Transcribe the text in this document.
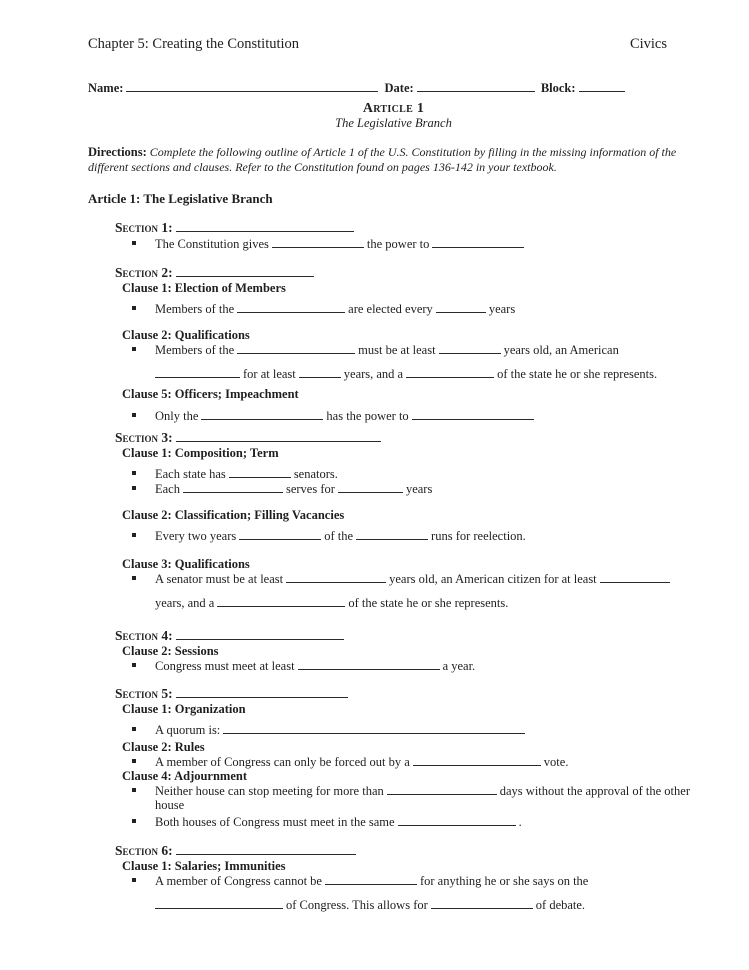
Chapter 5: Creating the Constitution	Civics
Name:	Date:	Block:
Article 1
The Legislative Branch
Directions: Complete the following outline of Article 1 of the U.S. Constitution by filling in the missing information of the different sections and clauses. Refer to the Constitution found on pages 136-142 in your textbook.
Article 1: The Legislative Branch
Section 1:
The Constitution gives	the power to
Section 2:
Clause 1: Election of Members
Members of the	are elected every	years
Clause 2: Qualifications
Members of the	must be at least	years old, an American
for at least	years, and a	of the state he or she represents.
Clause 5: Officers; Impeachment
Only the	has the power to
Section 3:
Clause 1: Composition; Term
Each state has	senators.
Each	serves for	years
Clause 2: Classification; Filling Vacancies
Every two years	of the	runs for reelection.
Clause 3: Qualifications
A senator must be at least	years old, an American citizen for at least
years, and a	of the state he or she represents.
Section 4:
Clause 2: Sessions
Congress must meet at least	a year.
Section 5:
Clause 1: Organization
A quorum is:
Clause 2: Rules
A member of Congress can only be forced out by a	vote.
Clause 4: Adjournment
Neither house can stop meeting for more than	days without the approval of the other house
Both houses of Congress must meet in the same	.
Section 6:
Clause 1: Salaries; Immunities
A member of Congress cannot be	for anything he or she says on the
of Congress. This allows for	of debate.
